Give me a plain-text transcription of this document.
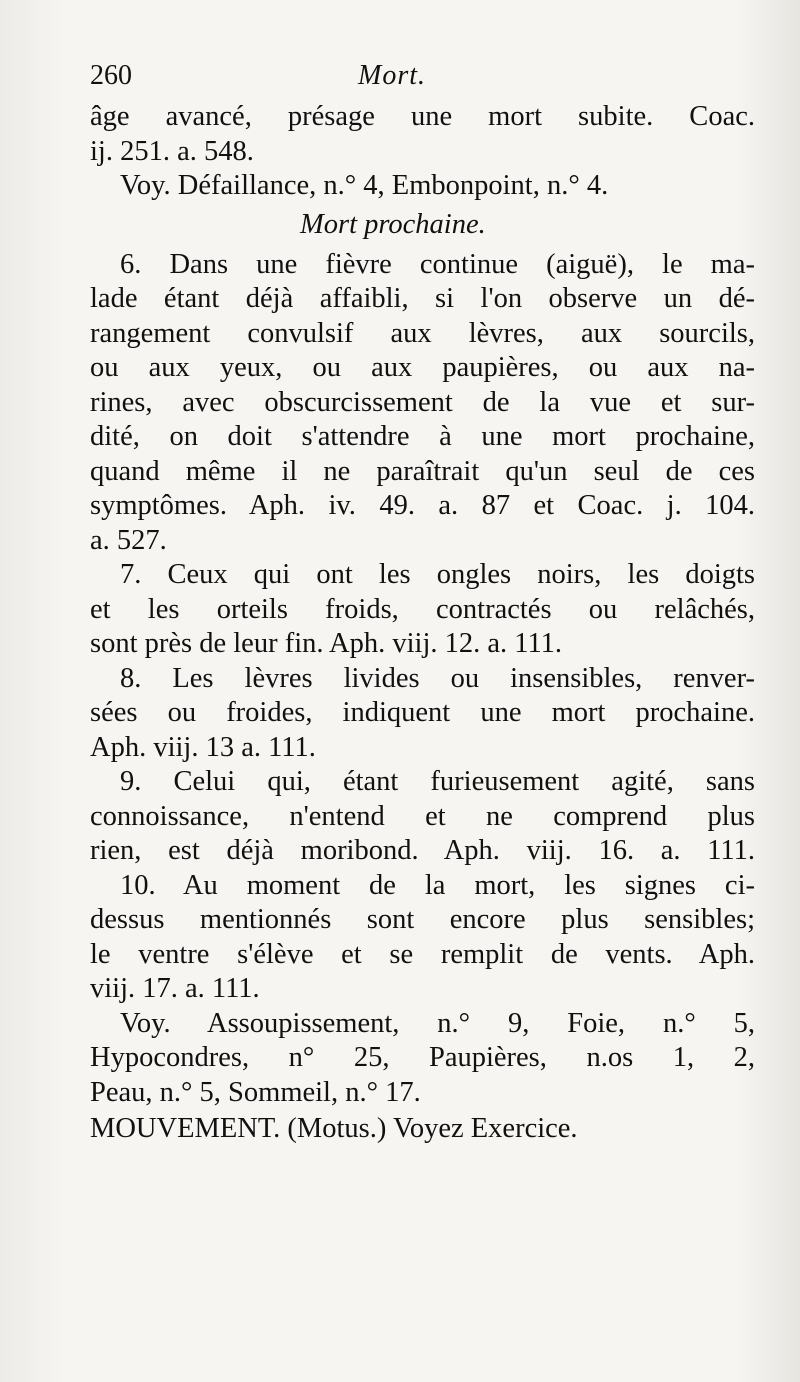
260	Mort.
âge avancé, présage une mort subite. Coac.
ij. 251. a. 548.
Voy. Défaillance, n.° 4, Embonpoint, n.° 4.
Mort prochaine.
6. Dans une fièvre continue (aiguë), le ma-
lade étant déjà affaibli, si l'on observe un dé-
rangement convulsif aux lèvres, aux sourcils,
ou aux yeux, ou aux paupières, ou aux na-
rines, avec obscurcissement de la vue et sur-
dité, on doit s'attendre à une mort prochaine,
quand même il ne paraîtrait qu'un seul de ces
symptômes. Aph. iv. 49. a. 87 et Coac. j. 104.
a. 527.
7. Ceux qui ont les ongles noirs, les doigts
et les orteils froids, contractés ou relâchés,
sont près de leur fin. Aph. viij. 12. a. 111.
8. Les lèvres livides ou insensibles, renver-
sées ou froides, indiquent une mort prochaine.
Aph. viij. 13 a. 111.
9. Celui qui, étant furieusement agité, sans
connoissance, n'entend et ne comprend plus
rien, est déjà moribond. Aph. viij. 16. a. 111.
10. Au moment de la mort, les signes ci-
dessus mentionnés sont encore plus sensibles;
le ventre s'élève et se remplit de vents. Aph.
viij. 17. a. 111.
Voy. Assoupissement, n.° 9, Foie, n.° 5,
Hypocondres, n° 25, Paupières, n.os 1, 2,
Peau, n.° 5, Sommeil, n.° 17.
MOUVEMENT. (Motus.) Voyez Exercice.
